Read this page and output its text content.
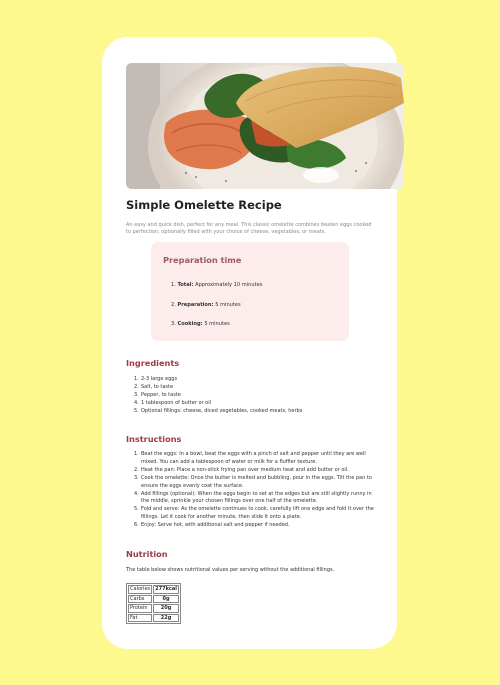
Simple Omelette Recipe

An easy and quick dish, perfect for any meal. This classic omelette combines beaten eggs cooked to perfection, optionally filled with your choice of cheese, vegetables, or meats.

Preparation time
1. Total: Approximately 10 minutes
2. Preparation: 5 minutes
3. Cooking: 5 minutes
Ingredients
1. 2-3 large eggs
2. Salt, to taste
3. Pepper, to taste
4. 1 tablespoon of butter or oil
5. Optional fillings: cheese, diced vegetables, cooked meats, herbs
Instructions
1. Beat the eggs: In a bowl, beat the eggs with a pinch of salt and pepper until they are well mixed. You can add a tablespoon of water or milk for a fluffier texture.
2. Heat the pan: Place a non-stick frying pan over medium heat and add butter or oil.
3. Cook the omelette: Once the butter is melted and bubbling, pour in the eggs. Tilt the pan to ensure the eggs evenly coat the surface.
4. Add fillings (optional): When the eggs begin to set at the edges but are still slightly runny in the middle, sprinkle your chosen fillings over one half of the omelette.
5. Fold and serve: As the omelette continues to cook, carefully lift one edge and fold it over the fillings. Let it cook for another minute, then slide it onto a plate.
6. Enjoy: Serve hot, with additional salt and pepper if needed.
Nutrition

The table below shows nutritional values per serving without the additional fillings.

Calories	277kcal
Carbs	0g
Protein	20g
Fat	22g
